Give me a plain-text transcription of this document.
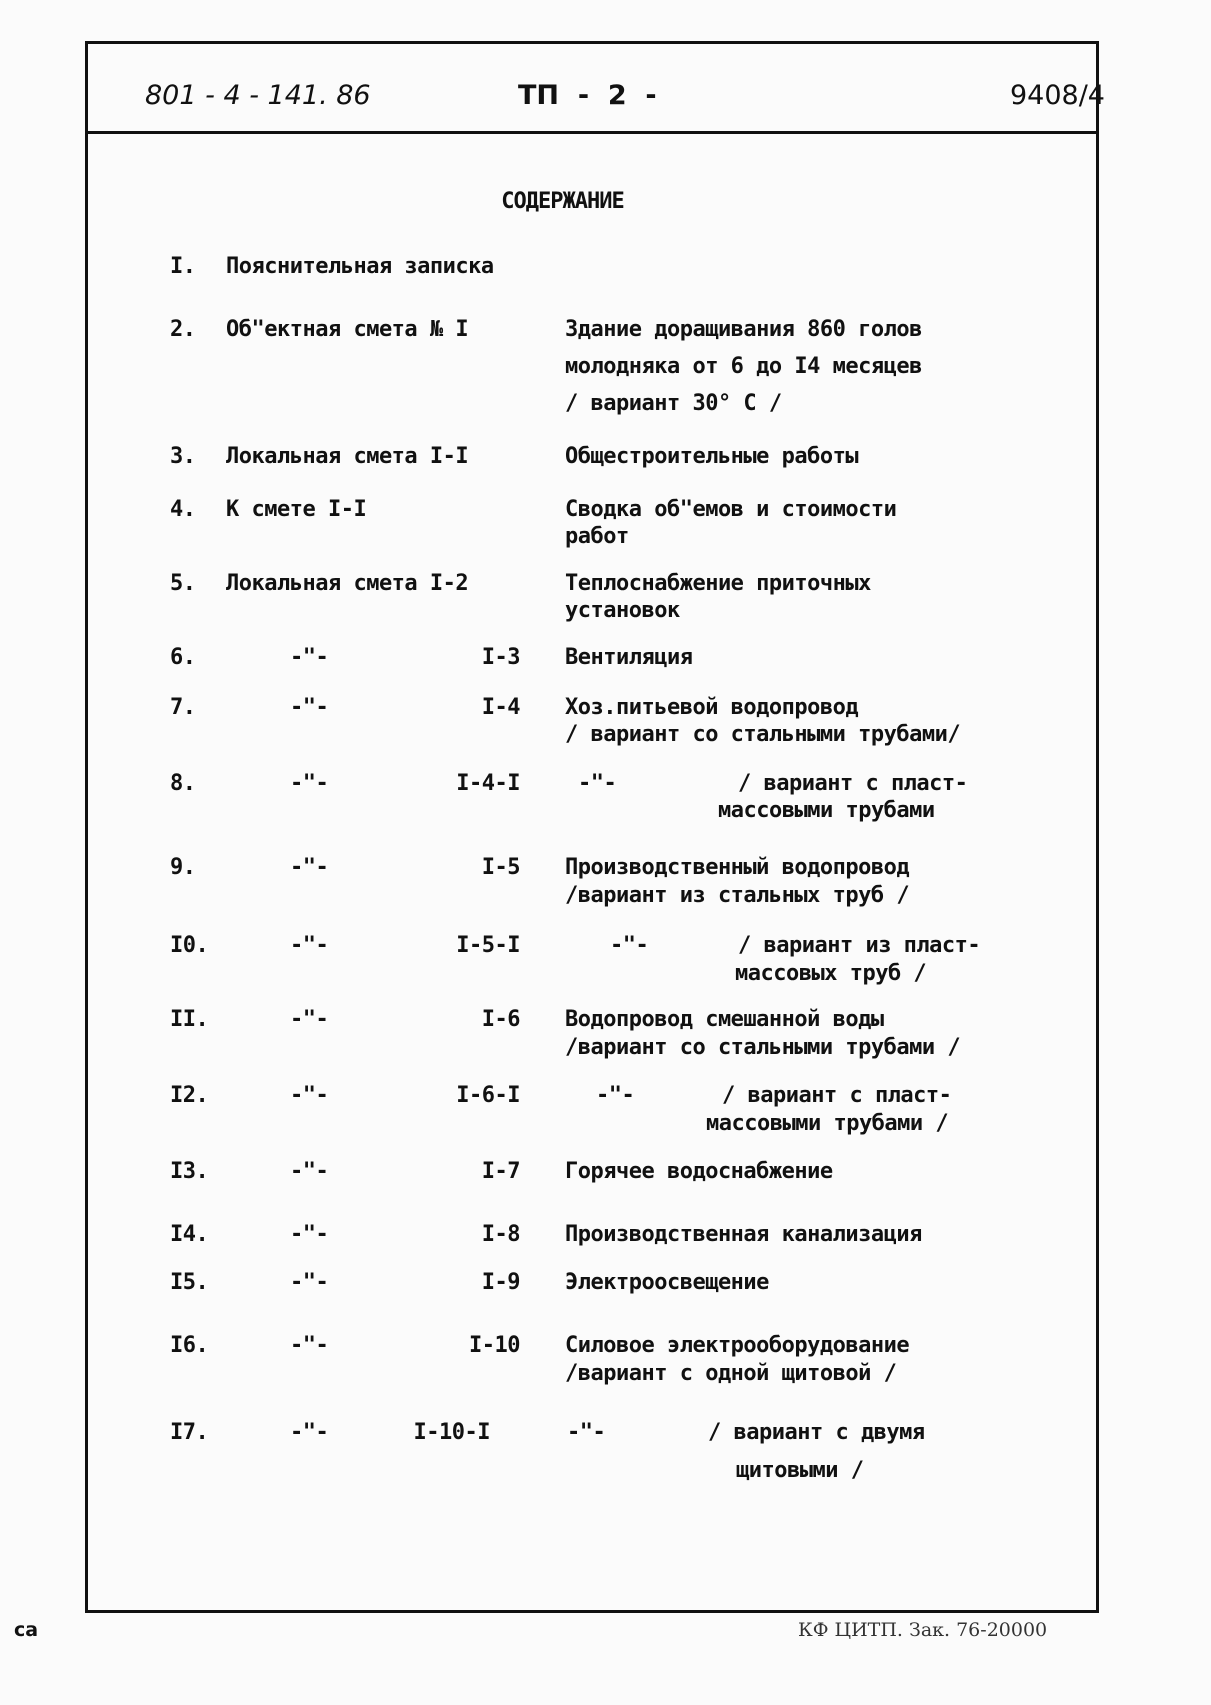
801 - 4 - 141. 86	ТП  -  2  -	9408/4
СОДЕРЖАНИЕ
I. Пояснительная записка
2. Об"ектная смета № I	Здание доращивания 860 голов
молодняка от 6 до I4 месяцев
/ вариант 30° С /
3. Локальная смета I-I	Общестроительные работы
4. К смете I-I	Сводка об"емов и стоимости
работ
5. Локальная смета I-2	Теплоснабжение приточных
установок
6.	-"-	I-3 Вентиляция
7.	-"-	I-4 Хоз.питьевой водопровод
/ вариант со стальными трубами/
8.	-"-	I-4-I	-"-	/ вариант с пласт-
массовыми трубами
9.	-"-	I-5 Производственный водопровод
/вариант из стальных труб /
I0.	-"-	I-5-I	-"-	/ вариант из пласт-
массовых труб /
II.	-"-	I-6 Водопровод смешанной воды
/вариант со стальными трубами /
I2.	-"-	I-6-I	-"-	/ вариант с пласт-
массовыми трубами /
I3.	-"-	I-7 Горячее водоснабжение
I4.	-"-	I-8 Производственная канализация
I5.	-"-	I-9 Электроосвещение
I6.	-"-	I-10 Силовое электрооборудование
/вариант с одной щитовой /
I7.	-"-	I-10-I	-"-	/ вариант с двумя
щитовыми /
са	КФ ЦИТП. Зак. 76-20000
